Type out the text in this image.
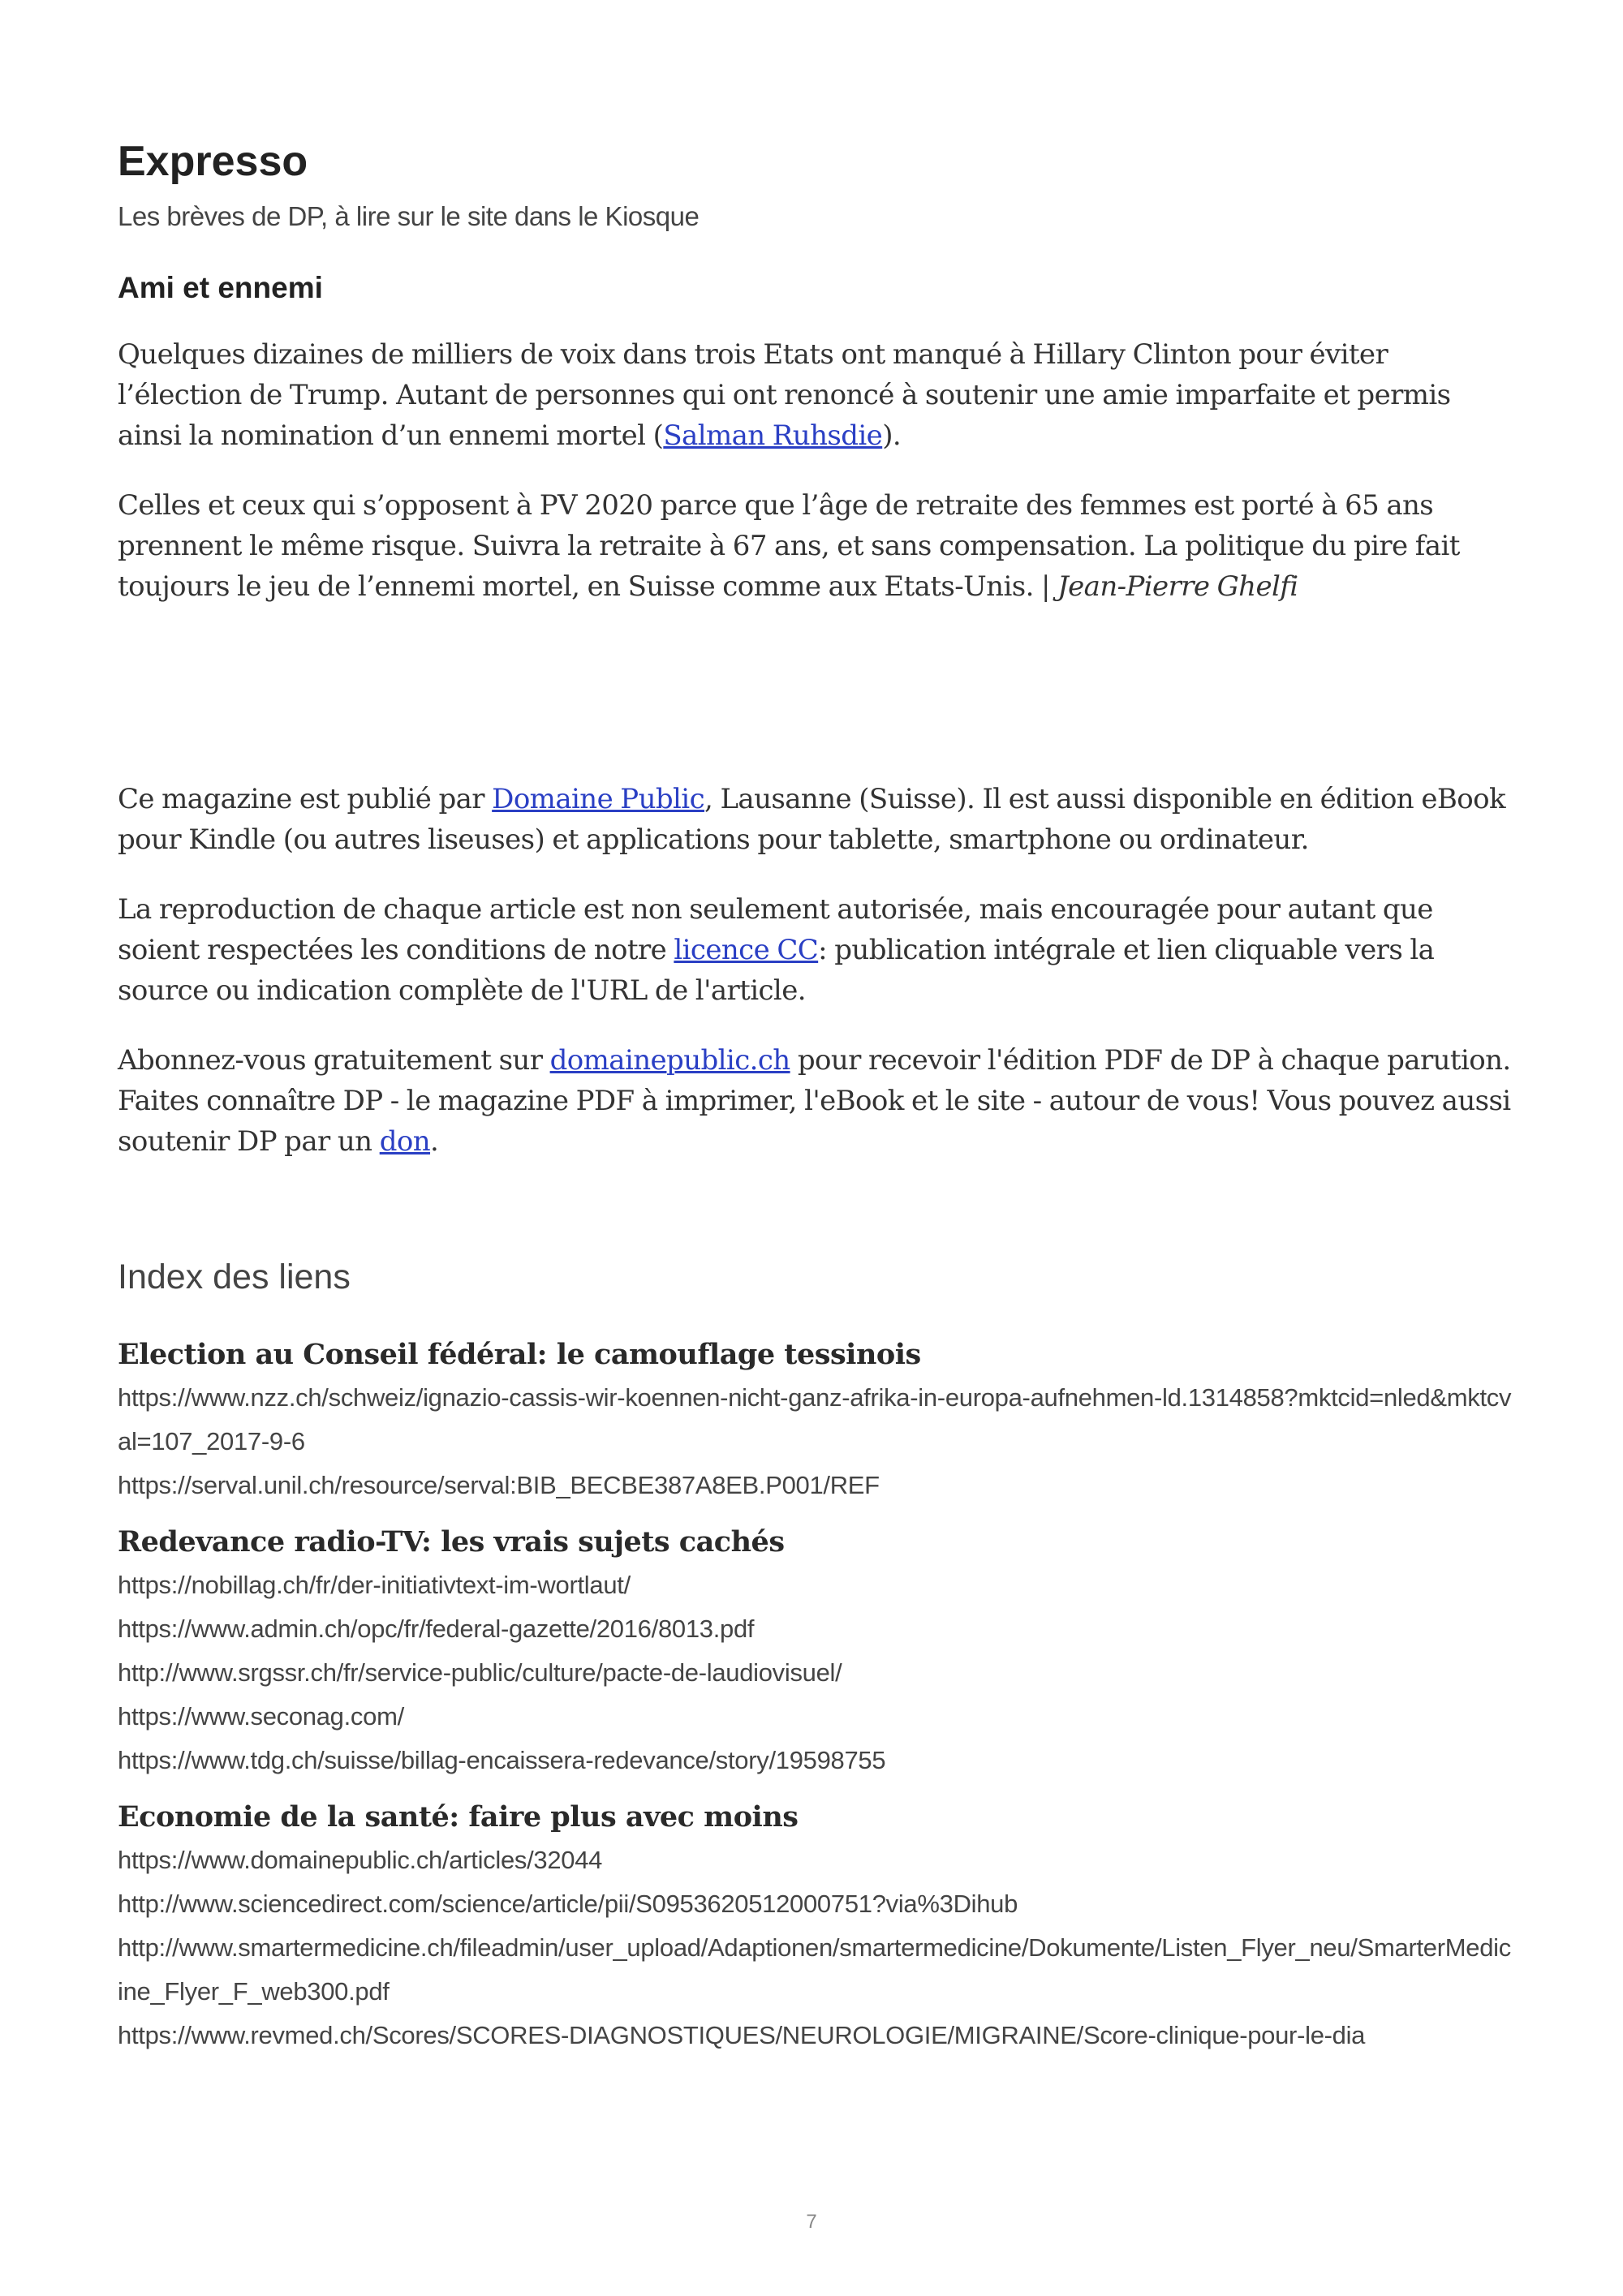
Expresso
Les brèves de DP, à lire sur le site dans le Kiosque
Ami et ennemi

Quelques dizaines de milliers de voix dans trois Etats ont manqué à Hillary Clinton pour éviter l’élection de Trump. Autant de personnes qui ont renoncé à soutenir une amie imparfaite et permis ainsi la nomination d’un ennemi mortel (Salman Ruhsdie).

Celles et ceux qui s’opposent à PV 2020 parce que l’âge de retraite des femmes est porté à 65 ans prennent le même risque. Suivra la retraite à 67 ans, et sans compensation. La politique du pire fait toujours le jeu de l’ennemi mortel, en Suisse comme aux Etats-Unis. | Jean-Pierre Ghelfi

Ce magazine est publié par Domaine Public, Lausanne (Suisse). Il est aussi disponible en édition eBook pour Kindle (ou autres liseuses) et applications pour tablette, smartphone ou ordinateur.

La reproduction de chaque article est non seulement autorisée, mais encouragée pour autant que soient respectées les conditions de notre licence CC: publication intégrale et lien cliquable vers la source ou indication complète de l'URL de l'article.

Abonnez-vous gratuitement sur domainepublic.ch pour recevoir l'édition PDF de DP à chaque parution. Faites connaître DP - le magazine PDF à imprimer, l'eBook et le site - autour de vous! Vous pouvez aussi soutenir DP par un don.

Index des liens
Election au Conseil fédéral: le camouflage tessinois
https://www.nzz.ch/schweiz/ignazio-cassis-wir-koennen-nicht-ganz-afrika-in-europa-aufnehmen-ld.1314858?mktcid=nled&mktcval=107_2017-9-6
https://serval.unil.ch/resource/serval:BIB_BECBE387A8EB.P001/REF
Redevance radio-TV: les vrais sujets cachés
https://nobillag.ch/fr/der-initiativtext-im-wortlaut/
https://www.admin.ch/opc/fr/federal-gazette/2016/8013.pdf
http://www.srgssr.ch/fr/service-public/culture/pacte-de-laudiovisuel/
https://www.seconag.com/
https://www.tdg.ch/suisse/billag-encaissera-redevance/story/19598755
Economie de la santé: faire plus avec moins
https://www.domainepublic.ch/articles/32044
http://www.sciencedirect.com/science/article/pii/S0953620512000751?via%3Dihub
http://www.smartermedicine.ch/fileadmin/user_upload/Adaptionen/smartermedicine/Dokumente/Listen_Flyer_neu/SmarterMedicine_Flyer_F_web300.pdf
https://www.revmed.ch/Scores/SCORES-DIAGNOSTIQUES/NEUROLOGIE/MIGRAINE/Score-clinique-pour-le-dia
7
